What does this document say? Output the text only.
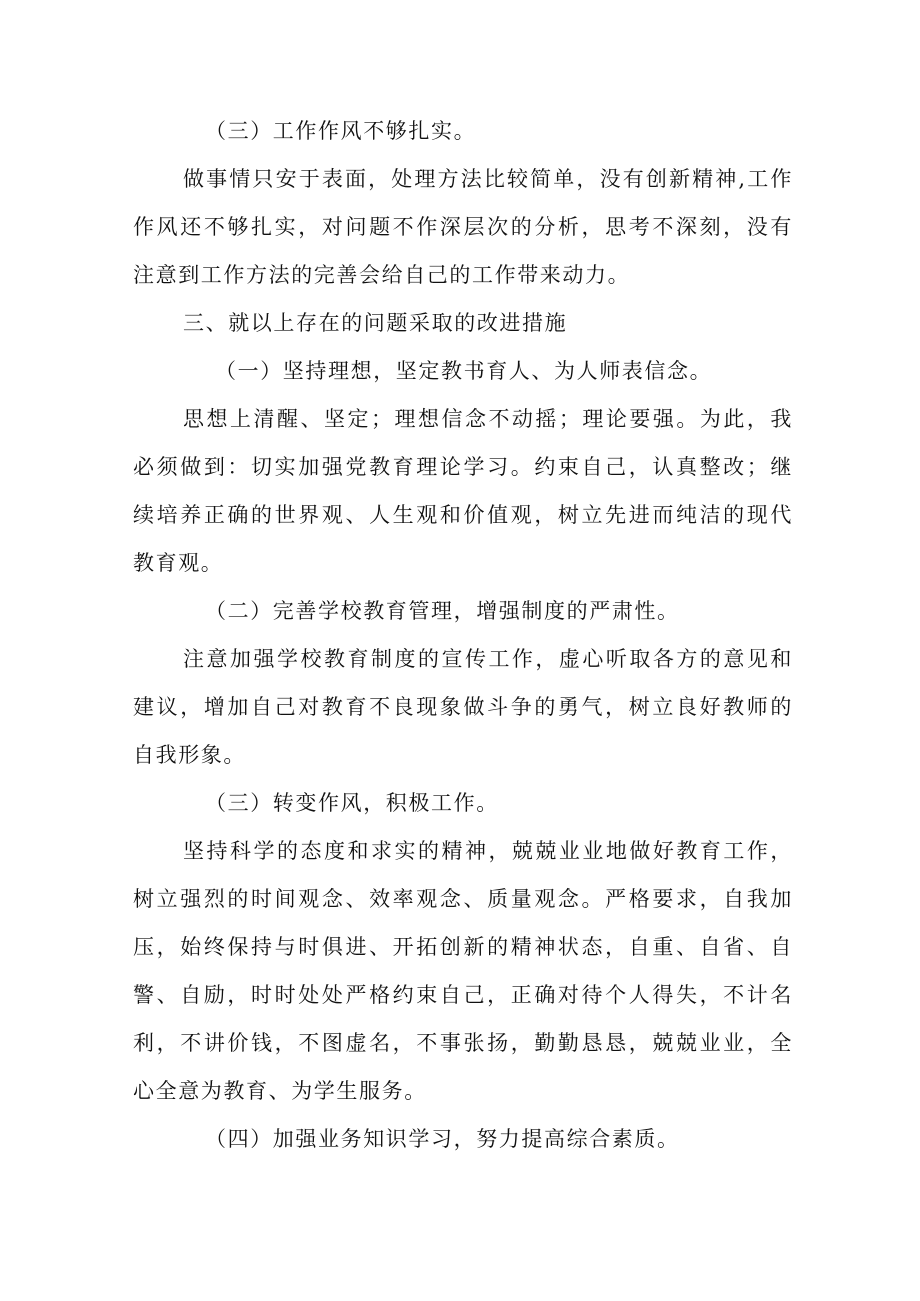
（三）工作作风不够扎实。
做事情只安于表面，处理方法比较简单，没有创新精神,工作
作风还不够扎实，对问题不作深层次的分析，思考不深刻，没有
注意到工作方法的完善会给自己的工作带来动力。
三、就以上存在的问题采取的改进措施
（一）坚持理想，坚定教书育人、为人师表信念。
思想上清醒、坚定；理想信念不动摇；理论要强。为此，我
必须做到：切实加强党教育理论学习。约束自己，认真整改；继
续培养正确的世界观、人生观和价值观，树立先进而纯洁的现代
教育观。
（二）完善学校教育管理，增强制度的严肃性。
注意加强学校教育制度的宣传工作，虚心听取各方的意见和
建议，增加自己对教育不良现象做斗争的勇气，树立良好教师的
自我形象。
（三）转变作风，积极工作。
坚持科学的态度和求实的精神，兢兢业业地做好教育工作，
树立强烈的时间观念、效率观念、质量观念。严格要求，自我加
压，始终保持与时俱进、开拓创新的精神状态，自重、自省、自
警、自励，时时处处严格约束自己，正确对待个人得失，不计名
利，不讲价钱，不图虚名，不事张扬，勤勤恳恳，兢兢业业，全
心全意为教育、为学生服务。
（四）加强业务知识学习，努力提高综合素质。
